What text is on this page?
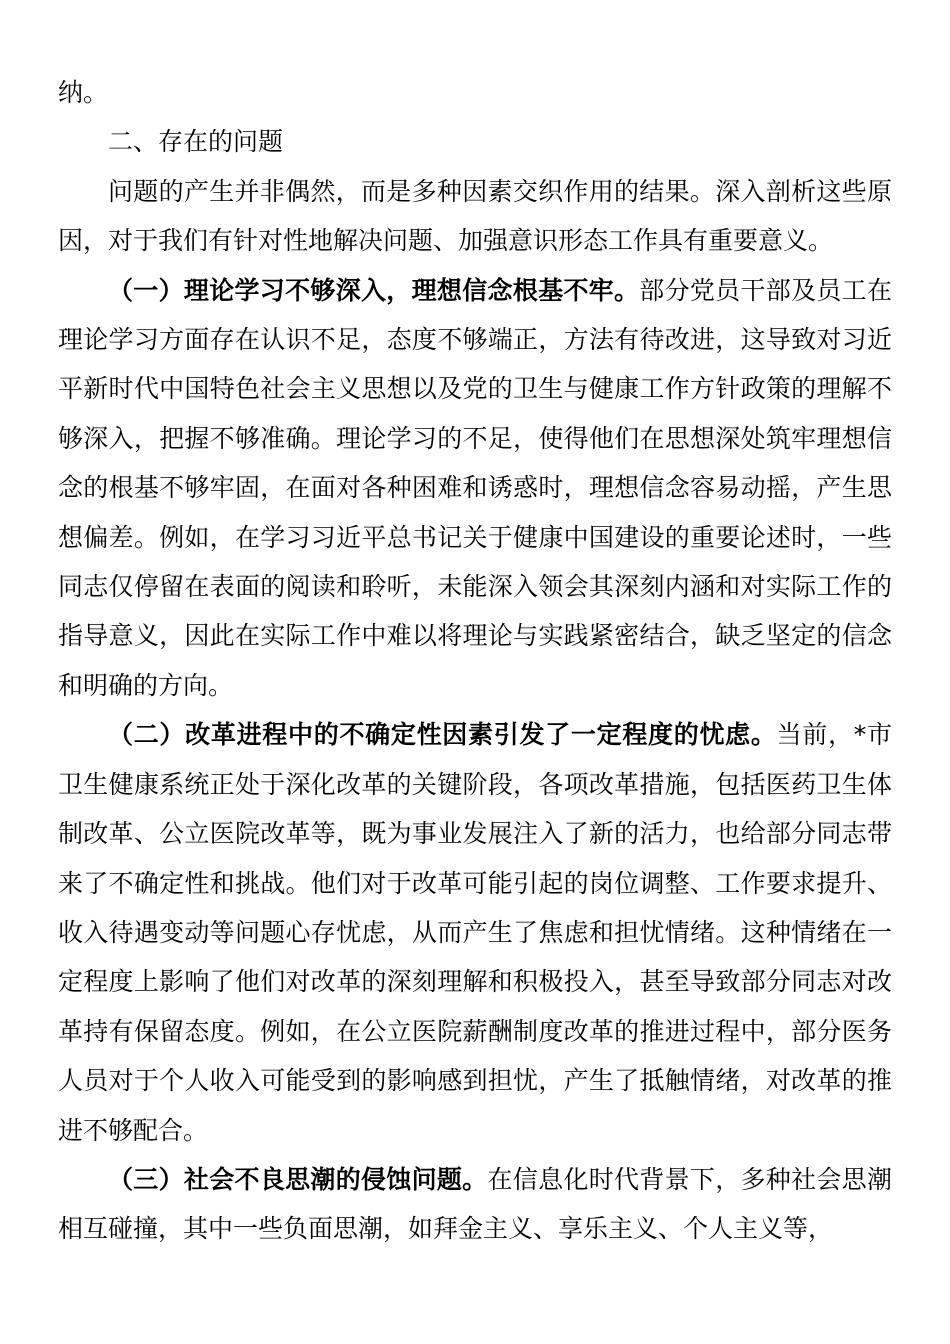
纳。

二、存在的问题

问题的产生并非偶然，而是多种因素交织作用的结果。深入剖析这些原因，对于我们有针对性地解决问题、加强意识形态工作具有重要意义。

（一）理论学习不够深入，理想信念根基不牢。部分党员干部及员工在理论学习方面存在认识不足，态度不够端正，方法有待改进，这导致对习近平新时代中国特色社会主义思想以及党的卫生与健康工作方针政策的理解不够深入，把握不够准确。理论学习的不足，使得他们在思想深处筑牢理想信念的根基不够牢固，在面对各种困难和诱惑时，理想信念容易动摇，产生思想偏差。例如，在学习习近平总书记关于健康中国建设的重要论述时，一些同志仅停留在表面的阅读和聆听，未能深入领会其深刻内涵和对实际工作的指导意义，因此在实际工作中难以将理论与实践紧密结合，缺乏坚定的信念和明确的方向。

（二）改革进程中的不确定性因素引发了一定程度的忧虑。当前，*市卫生健康系统正处于深化改革的关键阶段，各项改革措施，包括医药卫生体制改革、公立医院改革等，既为事业发展注入了新的活力，也给部分同志带来了不确定性和挑战。他们对于改革可能引起的岗位调整、工作要求提升、收入待遇变动等问题心存忧虑，从而产生了焦虑和担忧情绪。这种情绪在一定程度上影响了他们对改革的深刻理解和积极投入，甚至导致部分同志对改革持有保留态度。例如，在公立医院薪酬制度改革的推进过程中，部分医务人员对于个人收入可能受到的影响感到担忧，产生了抵触情绪，对改革的推进不够配合。

（三）社会不良思潮的侵蚀问题。在信息化时代背景下，多种社会思潮相互碰撞，其中一些负面思潮，如拜金主义、享乐主义、个人主义等，
